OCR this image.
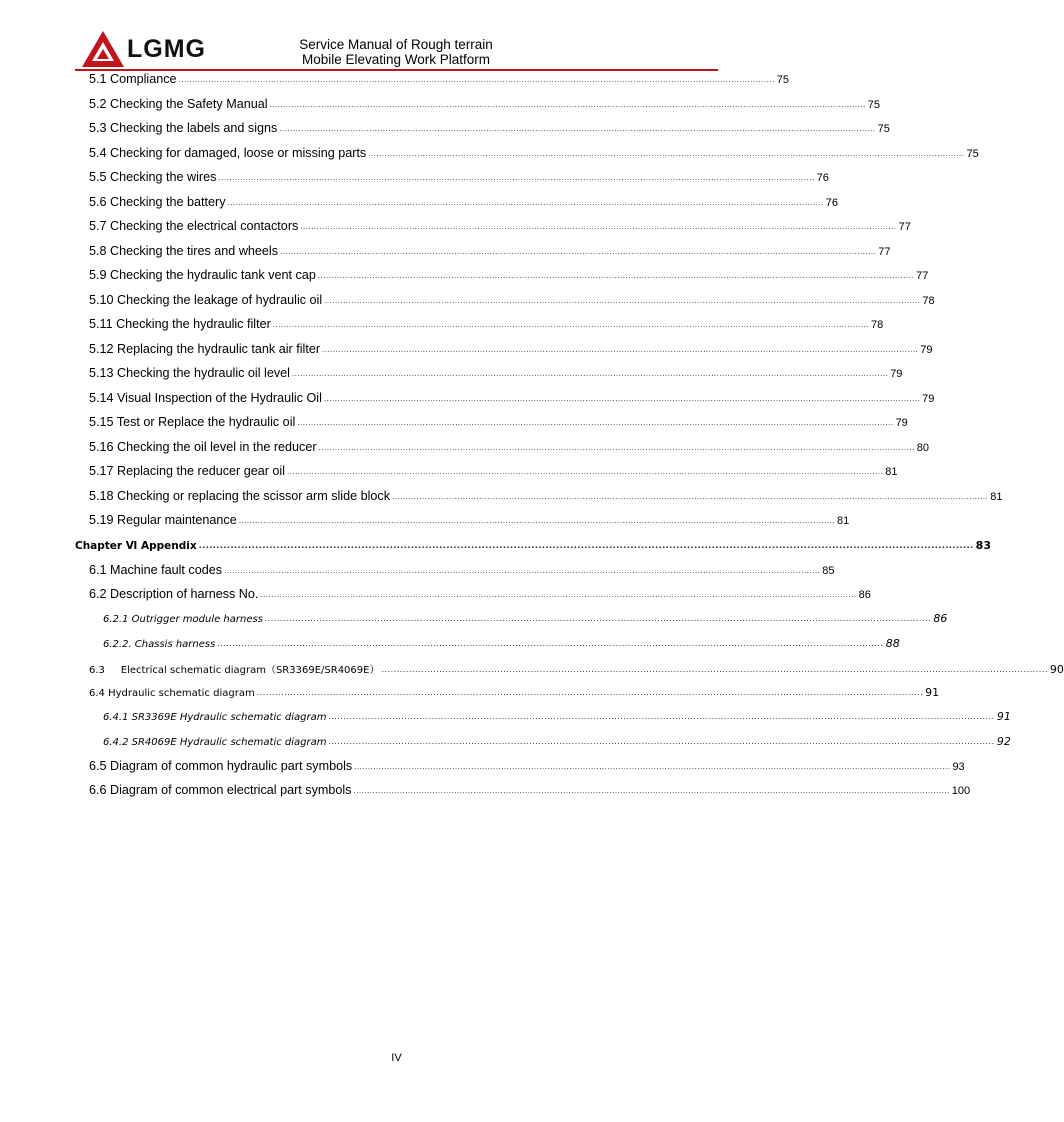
LGMG	Service Manual of Rough terrain
Mobile Elevating Work Platform
5.1 Compliance ........................................................................................................................................................................................................................... 75
5.2 Checking the Safety Manual ........................................................................................................................................................................................................................... 75
5.3 Checking the labels and signs ........................................................................................................................................................................................................................... 75
5.4 Checking for damaged, loose or missing parts ........................................................................................................................................................................................................................... 75
5.5 Checking the wires ........................................................................................................................................................................................................................... 76
5.6 Checking the battery ........................................................................................................................................................................................................................... 76
5.7 Checking the electrical contactors ........................................................................................................................................................................................................................... 77
5.8 Checking the tires and wheels ........................................................................................................................................................................................................................... 77
5.9 Checking the hydraulic tank vent cap ........................................................................................................................................................................................................................... 77
5.10 Checking the leakage of hydraulic oil ........................................................................................................................................................................................................................... 78
5.11 Checking the hydraulic filter ........................................................................................................................................................................................................................... 78
5.12 Replacing the hydraulic tank air filter ........................................................................................................................................................................................................................... 79
5.13 Checking the hydraulic oil level ........................................................................................................................................................................................................................... 79
5.14 Visual Inspection of the Hydraulic Oil ........................................................................................................................................................................................................................... 79
5.15 Test or Replace the hydraulic oil ........................................................................................................................................................................................................................... 79
5.16 Checking the oil level in the reducer ........................................................................................................................................................................................................................... 80
5.17 Replacing the reducer gear oil ........................................................................................................................................................................................................................... 81
5.18 Checking or replacing the scissor arm slide block ........................................................................................................................................................................................................................... 81
5.19 Regular maintenance ........................................................................................................................................................................................................................... 81
Chapter Ⅵ Appendix ........................................................................................................................................................................................................................... 83
6.1 Machine fault codes ........................................................................................................................................................................................................................... 85
6.2 Description of harness No. ........................................................................................................................................................................................................................... 86
6.2.1 Outrigger module harness ........................................................................................................................................................................................................................... 86
6.2.2. Chassis harness ........................................................................................................................................................................................................................... 88
6.3     Electrical schematic diagram（SR3369E/SR4069E） ........................................................................................................................................................................................................................... 90
6.4 Hydraulic schematic diagram ........................................................................................................................................................................................................................... 91
6.4.1 SR3369E Hydraulic schematic diagram ........................................................................................................................................................................................................................... 91
6.4.2 SR4069E Hydraulic schematic diagram ........................................................................................................................................................................................................................... 92
6.5 Diagram of common hydraulic part symbols ........................................................................................................................................................................................................................... 93
6.6 Diagram of common electrical part symbols ........................................................................................................................................................................................................................... 100
IV
